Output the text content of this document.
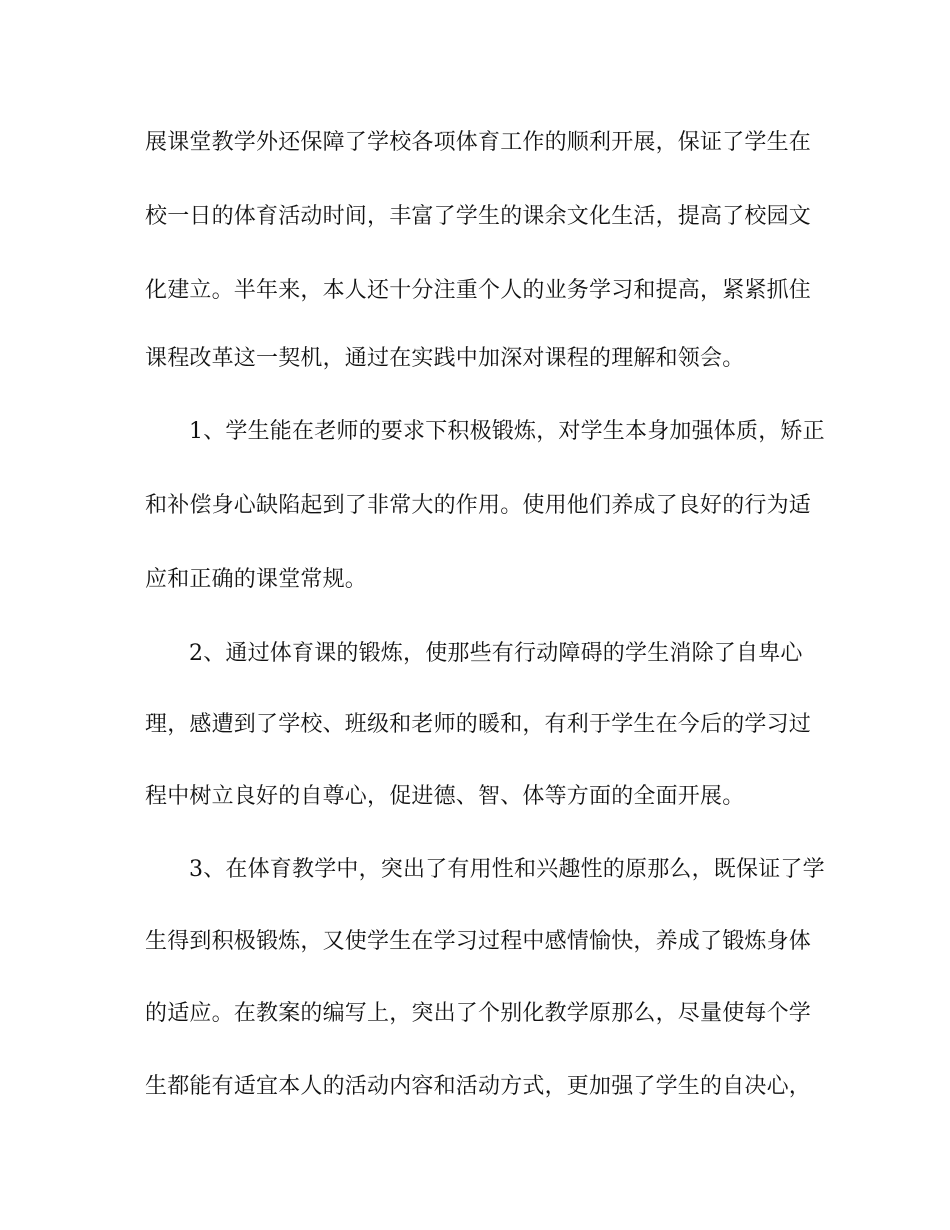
展课堂教学外还保障了学校各项体育工作的顺利开展，保证了学生在
校一日的体育活动时间，丰富了学生的课余文化生活，提高了校园文
化建立。半年来，本人还十分注重个人的业务学习和提高，紧紧抓住
课程改革这一契机，通过在实践中加深对课程的理解和领会。
1、学生能在老师的要求下积极锻炼，对学生本身加强体质，矫正
和补偿身心缺陷起到了非常大的作用。使用他们养成了良好的行为适
应和正确的课堂常规。
2、通过体育课的锻炼，使那些有行动障碍的学生消除了自卑心
理，感遭到了学校、班级和老师的暖和，有利于学生在今后的学习过
程中树立良好的自尊心，促进德、智、体等方面的全面开展。
3、在体育教学中，突出了有用性和兴趣性的原那么，既保证了学
生得到积极锻炼，又使学生在学习过程中感情愉快，养成了锻炼身体
的适应。在教案的编写上，突出了个别化教学原那么，尽量使每个学
生都能有适宜本人的活动内容和活动方式，更加强了学生的自决心，
